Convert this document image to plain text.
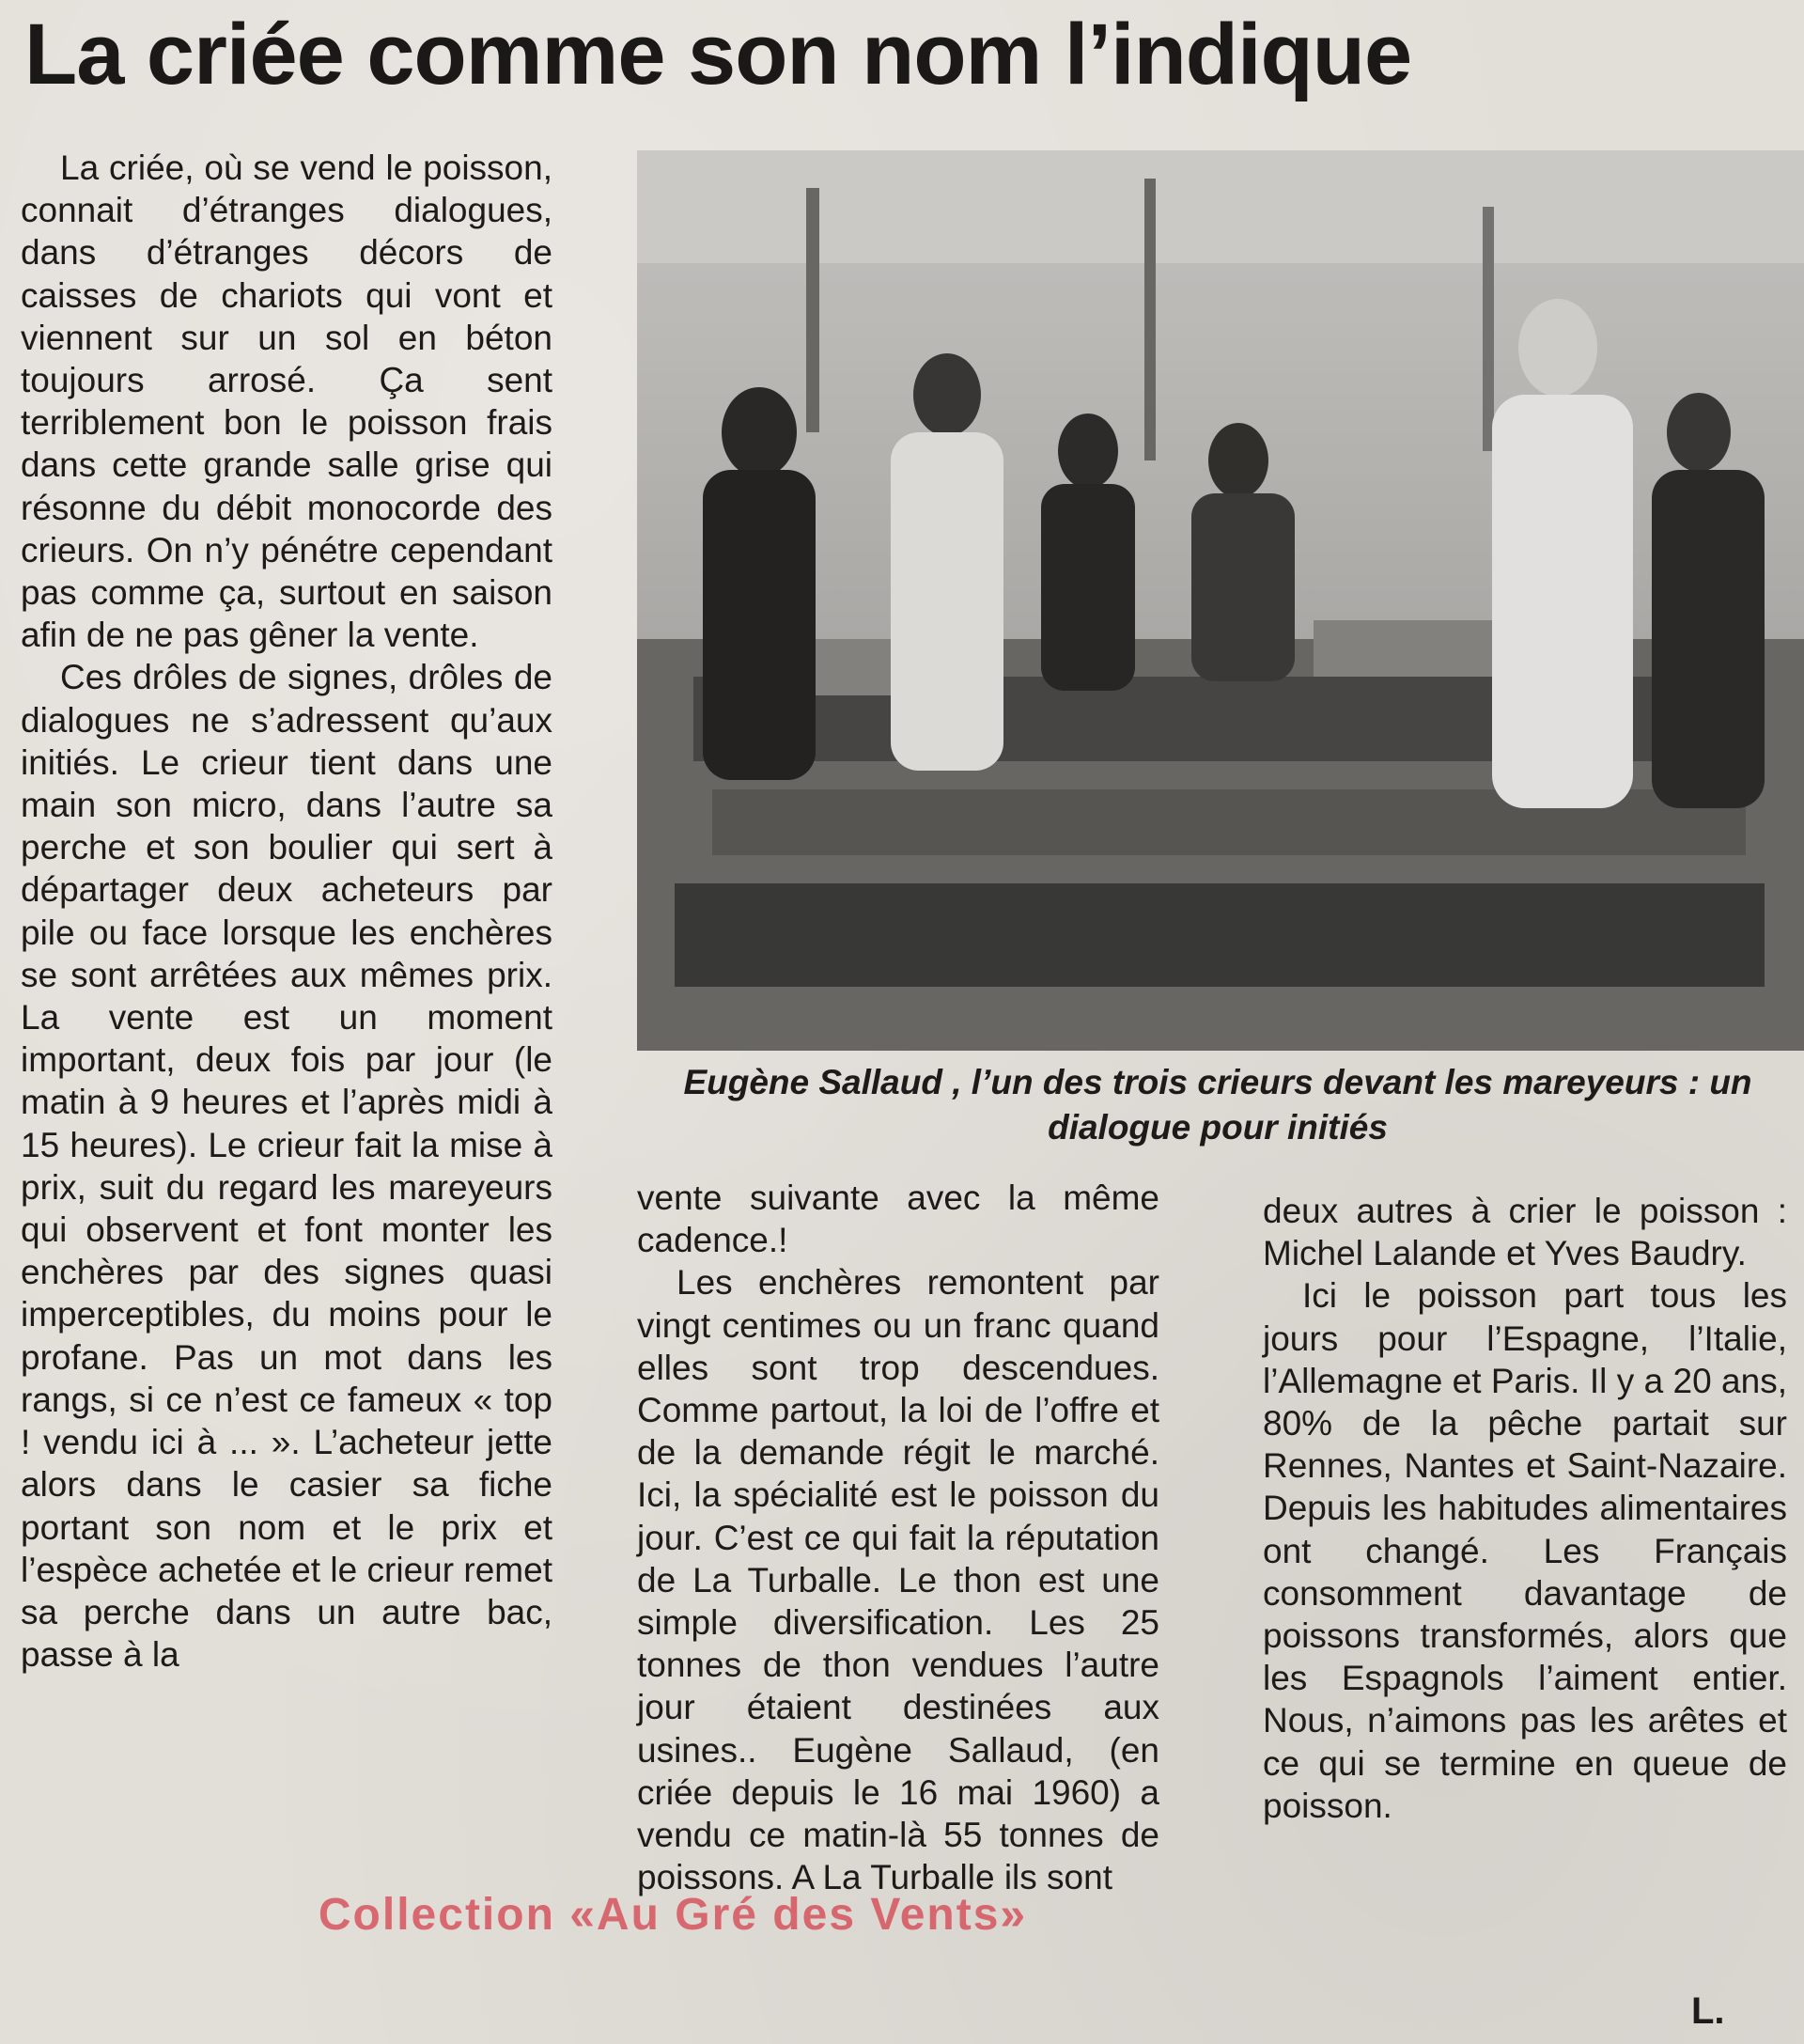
La criée comme son nom l’indique

La criée, où se vend le poisson, connait d’étranges dialogues, dans d’étranges décors de caisses de chariots qui vont et viennent sur un sol en béton toujours arrosé. Ça sent terriblement bon le poisson frais dans cette grande salle grise qui résonne du débit monocorde des crieurs. On n’y pénétre cependant pas comme ça, surtout en saison afin de ne pas gêner la vente.

Ces drôles de signes, drôles de dialogues ne s’adressent qu’aux initiés. Le crieur tient dans une main son micro, dans l’autre sa perche et son boulier qui sert à départager deux acheteurs par pile ou face lorsque les enchères se sont arrêtées aux mêmes prix. La vente est un moment important, deux fois par jour (le matin à 9 heures et l’après midi à 15 heures). Le crieur fait la mise à prix, suit du regard les mareyeurs qui observent et font monter les enchères par des signes quasi imperceptibles, du moins pour le profane. Pas un mot dans les rangs, si ce n’est ce fameux « top ! vendu ici à ... ». L’acheteur jette alors dans le casier sa fiche portant son nom et le prix et l’espèce achetée et le crieur remet sa perche dans un autre bac, passe à la

Eugène Sallaud , l’un des trois crieurs devant les mareyeurs : un dialogue pour initiés

vente suivante avec la même cadence.!

Les enchères remontent par vingt centimes ou un franc quand elles sont trop descendues. Comme partout, la loi de l’offre et de la demande régit le marché. Ici, la spécialité est le poisson du jour. C’est ce qui fait la réputation de La Turballe. Le thon est une simple diversification. Les 25 tonnes de thon vendues l’autre jour étaient destinées aux usines.. Eugène Sallaud, (en criée depuis le 16 mai 1960) a vendu ce matin-là 55 tonnes de poissons. A La Turballe ils sont

deux autres à crier le poisson : Michel Lalande et Yves Baudry.

Ici le poisson part tous les jours pour l’Espagne, l’Italie, l’Allemagne et Paris. Il y a 20 ans, 80% de la pêche partait sur Rennes, Nantes et Saint-Nazaire. Depuis les habitudes alimentaires ont changé. Les Français consomment davantage de poissons transformés, alors que les Espagnols l’aiment entier. Nous, n’aimons pas les arêtes et ce qui se termine en queue de poisson.

Collection «Au Gré des Vents»
L.
